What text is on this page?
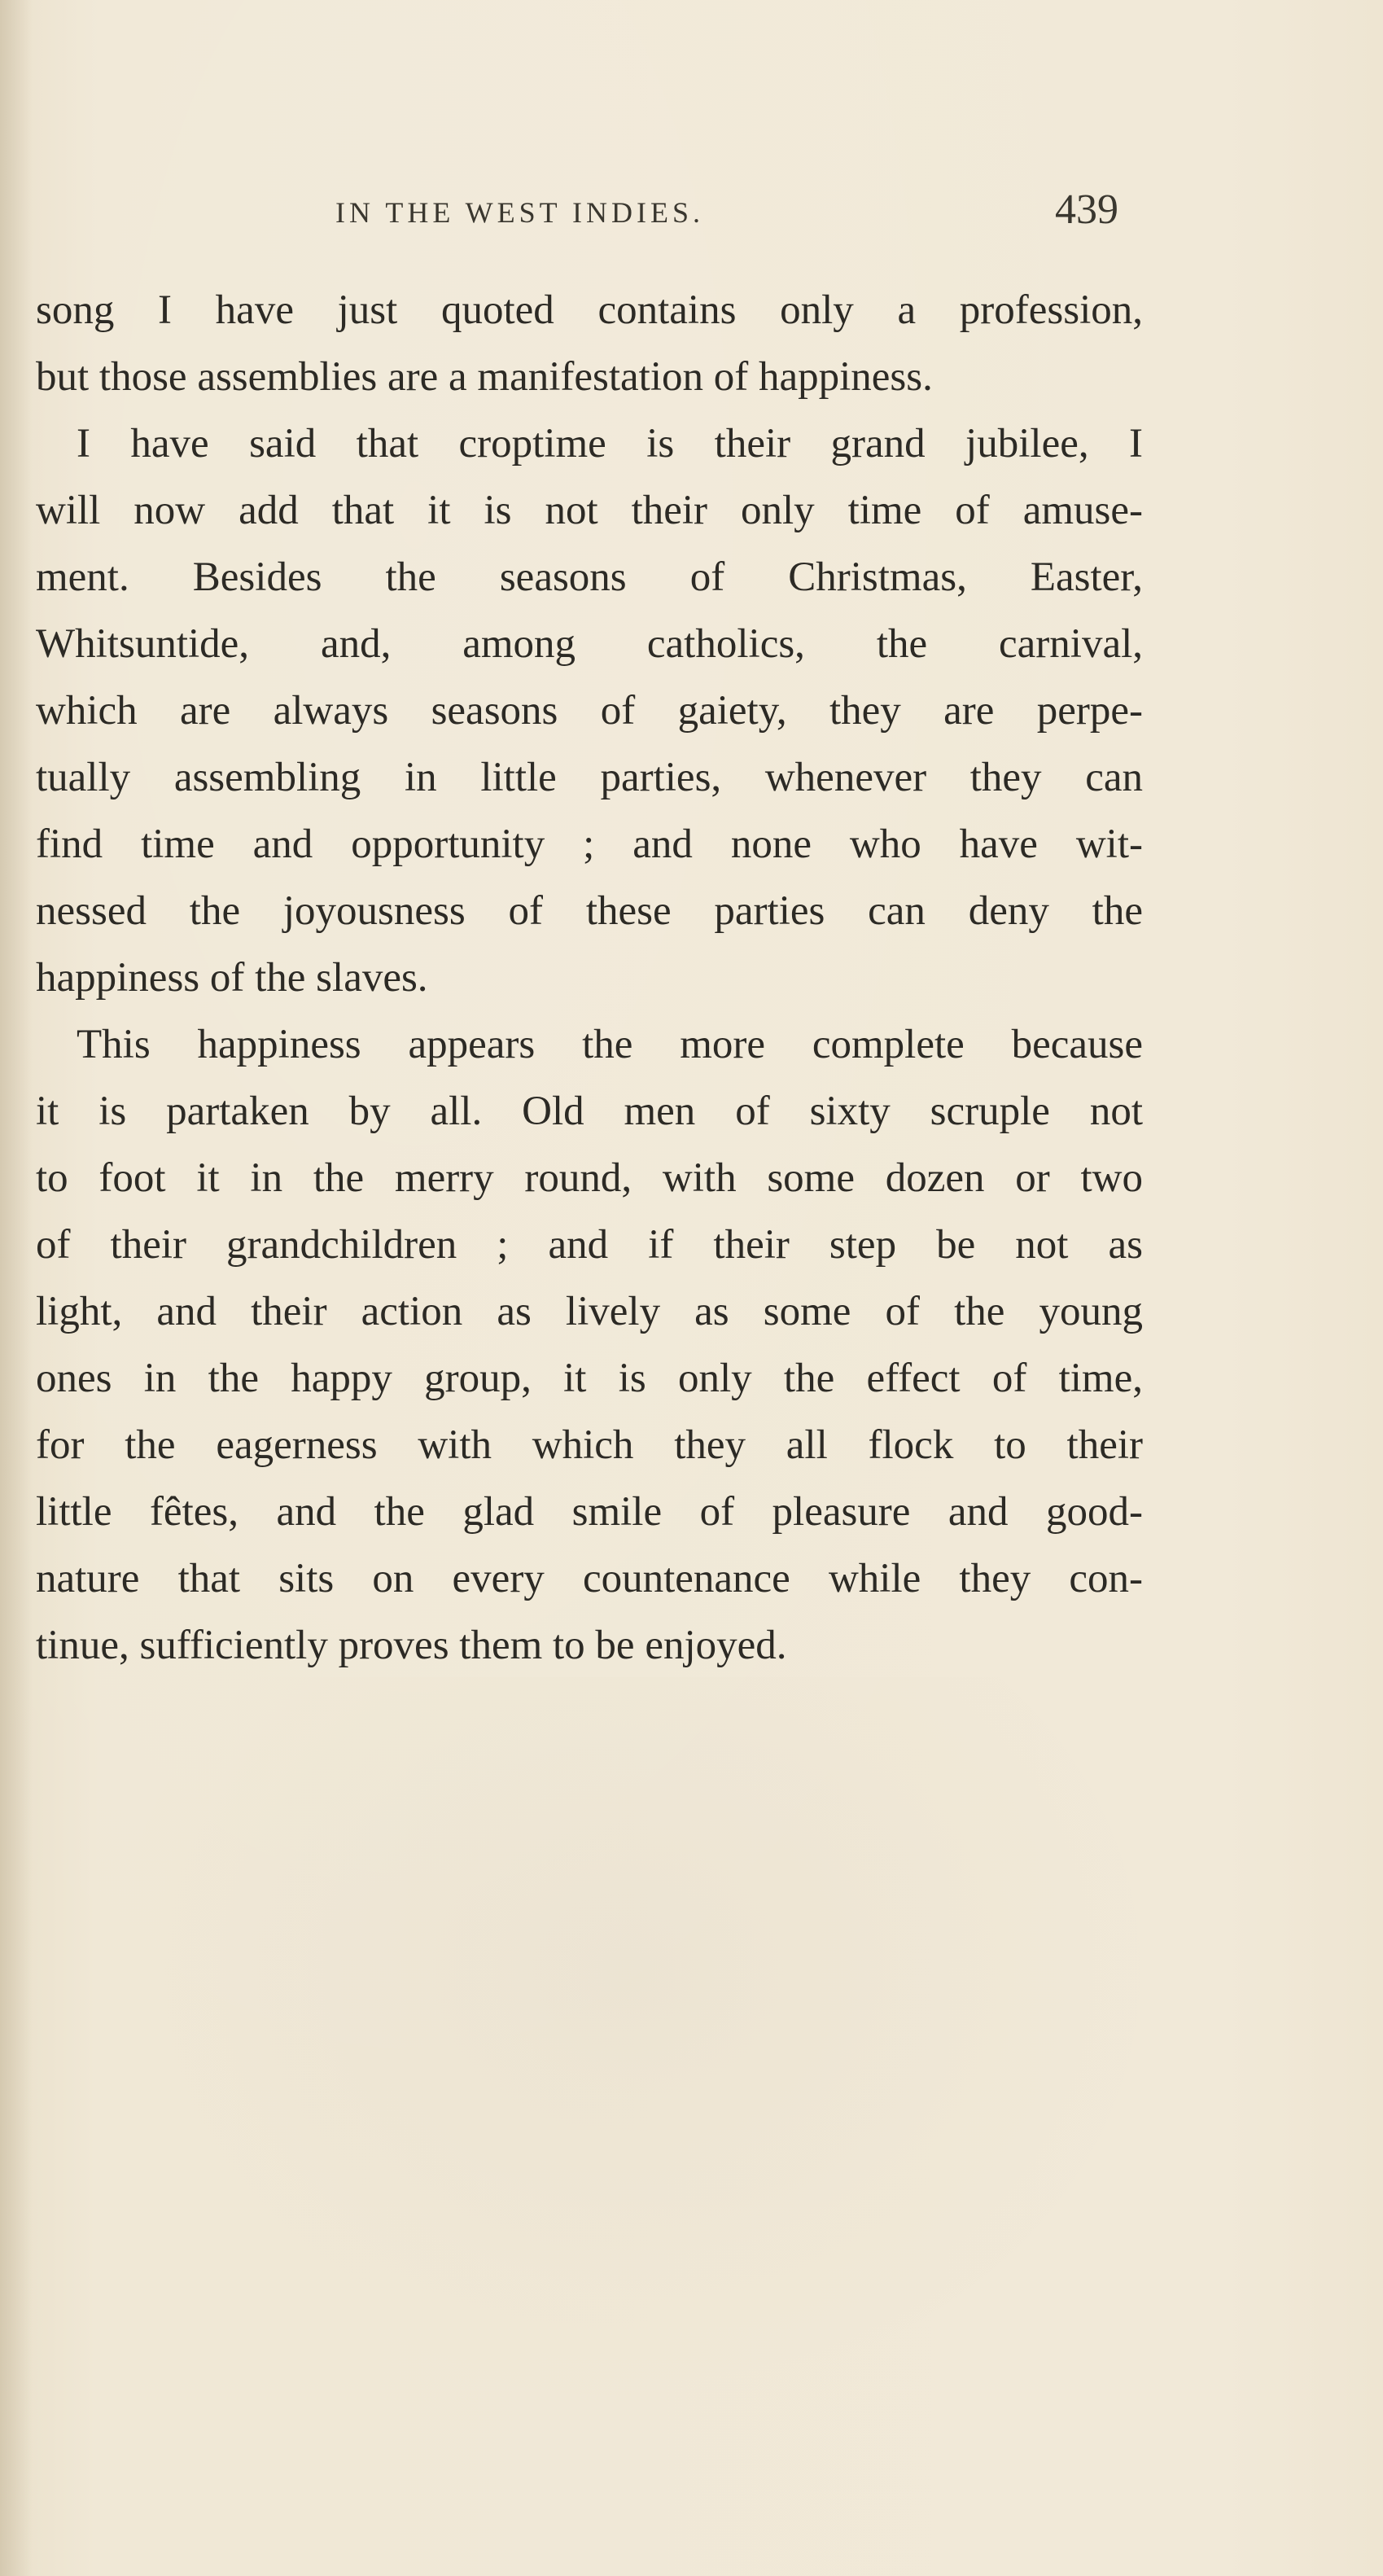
IN THE WEST INDIES.	439
song I have just quoted contains only a profession,
but those assemblies are a manifestation of happiness.
I have said that croptime is their grand jubilee, I
will now add that it is not their only time of amuse-
ment. Besides the seasons of Christmas, Easter,
Whitsuntide, and, among catholics, the carnival,
which are always seasons of gaiety, they are perpe-
tually assembling in little parties, whenever they can
find time and opportunity ; and none who have wit-
nessed the joyousness of these parties can deny the
happiness of the slaves.
This happiness appears the more complete because
it is partaken by all. Old men of sixty scruple not
to foot it in the merry round, with some dozen or two
of their grandchildren ; and if their step be not as
light, and their action as lively as some of the young
ones in the happy group, it is only the effect of time,
for the eagerness with which they all flock to their
little fêtes, and the glad smile of pleasure and good-
nature that sits on every countenance while they con-
tinue, sufficiently proves them to be enjoyed.
